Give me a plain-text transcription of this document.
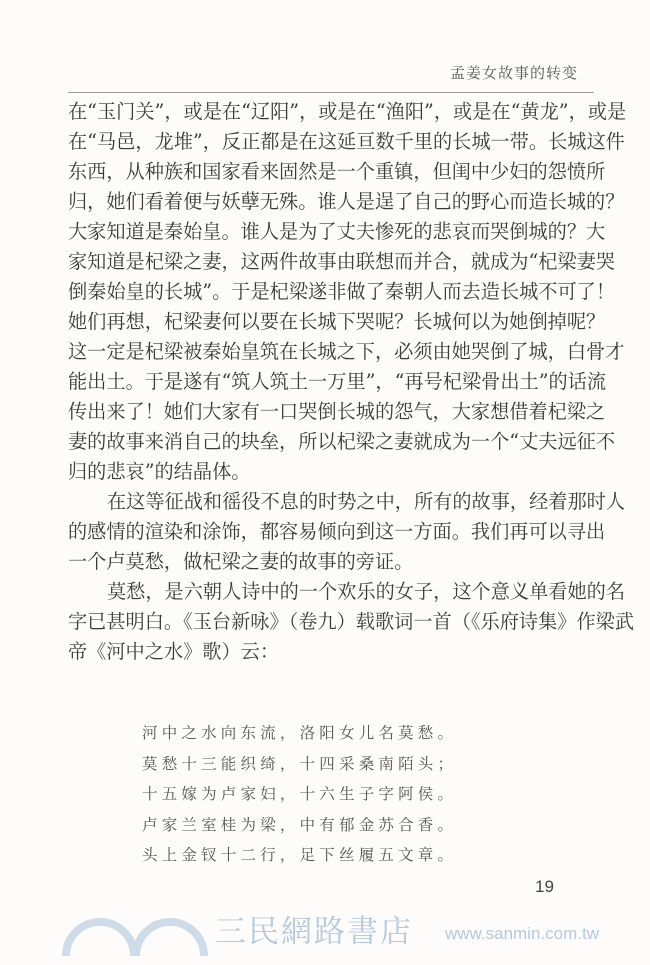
孟姜女故事的转变
在“玉门关”，或是在“辽阳”，或是在“渔阳”，或是在“黄龙”，或是
在“马邑，龙堆”，反正都是在这延亘数千里的长城一带。长城这件
东西，从种族和国家看来固然是一个重镇，但闺中少妇的怨愤所
归，她们看着便与妖孽无殊。谁人是逞了自己的野心而造长城的？
大家知道是秦始皇。谁人是为了丈夫惨死的悲哀而哭倒城的？大
家知道是杞梁之妻，这两件故事由联想而并合，就成为“杞梁妻哭
倒秦始皇的长城”。于是杞梁遂非做了秦朝人而去造长城不可了！
她们再想，杞梁妻何以要在长城下哭呢？长城何以为她倒掉呢？
这一定是杞梁被秦始皇筑在长城之下，必须由她哭倒了城，白骨才
能出土。于是遂有“筑人筑土一万里”，“再号杞梁骨出土”的话流
传出来了！她们大家有一口哭倒长城的怨气，大家想借着杞梁之
妻的故事来消自己的块垒，所以杞梁之妻就成为一个“丈夫远征不
归的悲哀”的结晶体。
在这等征战和徭役不息的时势之中，所有的故事，经着那时人
的感情的渲染和涂饰，都容易倾向到这一方面。我们再可以寻出
一个卢莫愁，做杞梁之妻的故事的旁证。
莫愁，是六朝人诗中的一个欢乐的女子，这个意义单看她的名
字已甚明白。《玉台新咏》（卷九）载歌词一首（《乐府诗集》作梁武
帝《河中之水》歌）云：
河中之水向东流，洛阳女儿名莫愁。
莫愁十三能织绮，十四采桑南陌头；
十五嫁为卢家妇，十六生子字阿侯。
卢家兰室桂为梁，中有郁金苏合香。
头上金钗十二行，足下丝履五文章。
三民網路書店 www.sanmin.com.tw
19
